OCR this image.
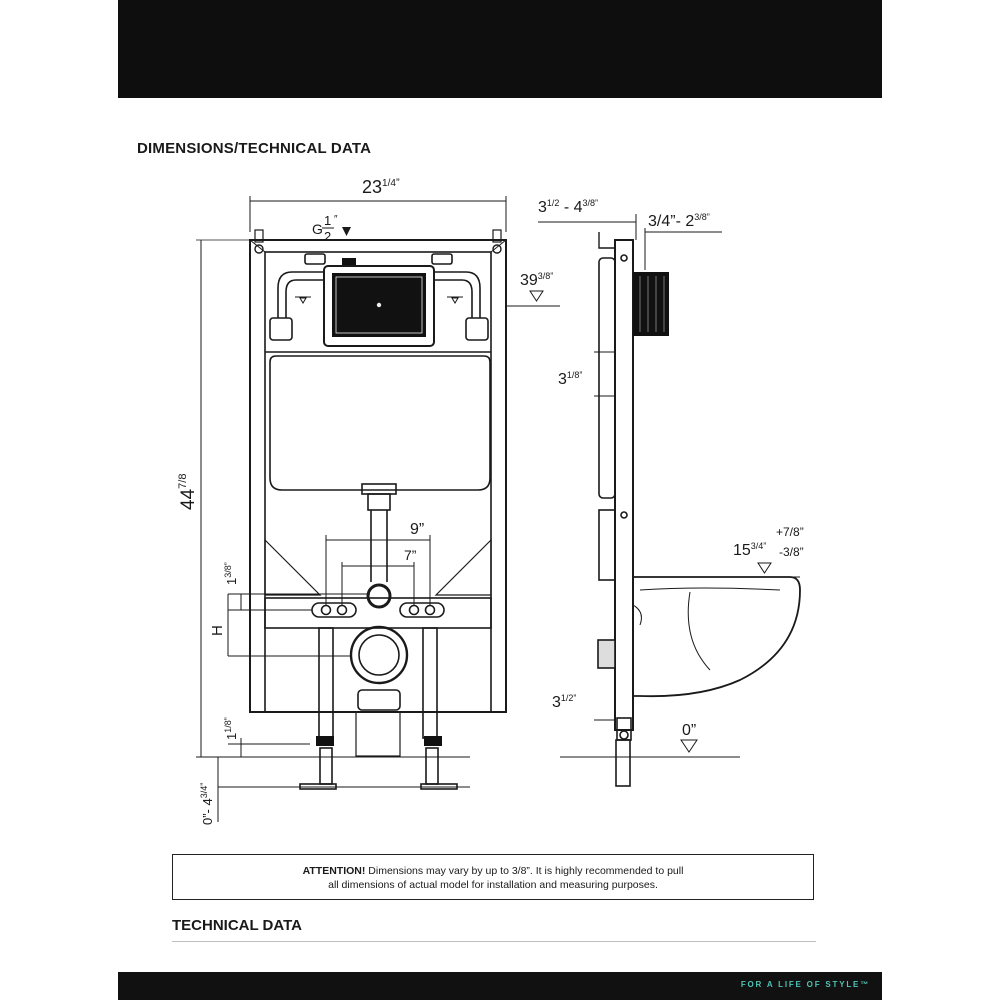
DIMENSIONS/TECHNICAL DATA
$23^{1/4}$”
G
1
2
″
9”
7”
$44^{7/8}$
$1^{3/8”}$
H
$1^{1/8”}$
0”- $4^{3/4”}$
$3^{1/2} - 4^{3/8”}$
3/4”- $2^{3/8”}$
$39^{3/8”}$
$3^{1/8”}$
$15^{3/4”}$
+7/8”
-3/8”
$3^{1/2”}$
0”
ATTENTION! Dimensions may vary by up to 3/8”. It is highly recommended to pull
all dimensions of actual model for installation and measuring purposes.
TECHNICAL DATA
FOR A LIFE OF STYLE™
